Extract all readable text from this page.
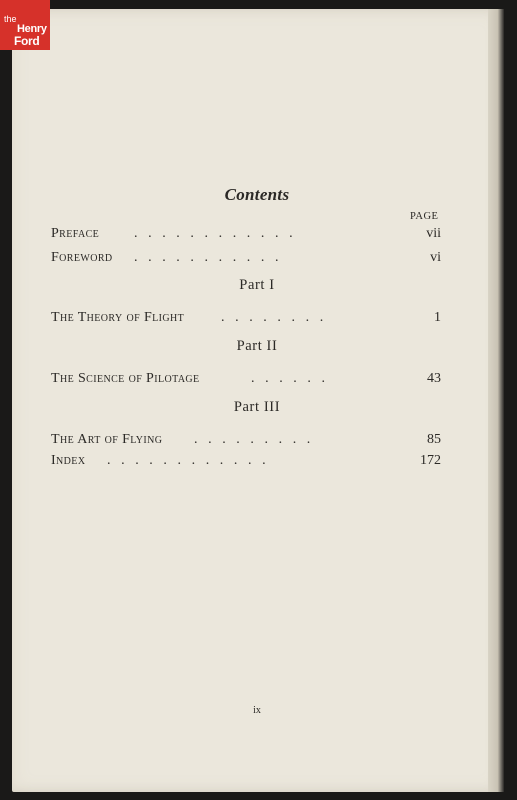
Contents
PAGE
Preface ............	vii
Foreword ...........	vi
Part I
The Theory of Flight	........	1
Part II
The Science of Pilotage	......	43
Part III
The Art of Flying .........	85
Index ............	172
ix
the
Henry
Ford
